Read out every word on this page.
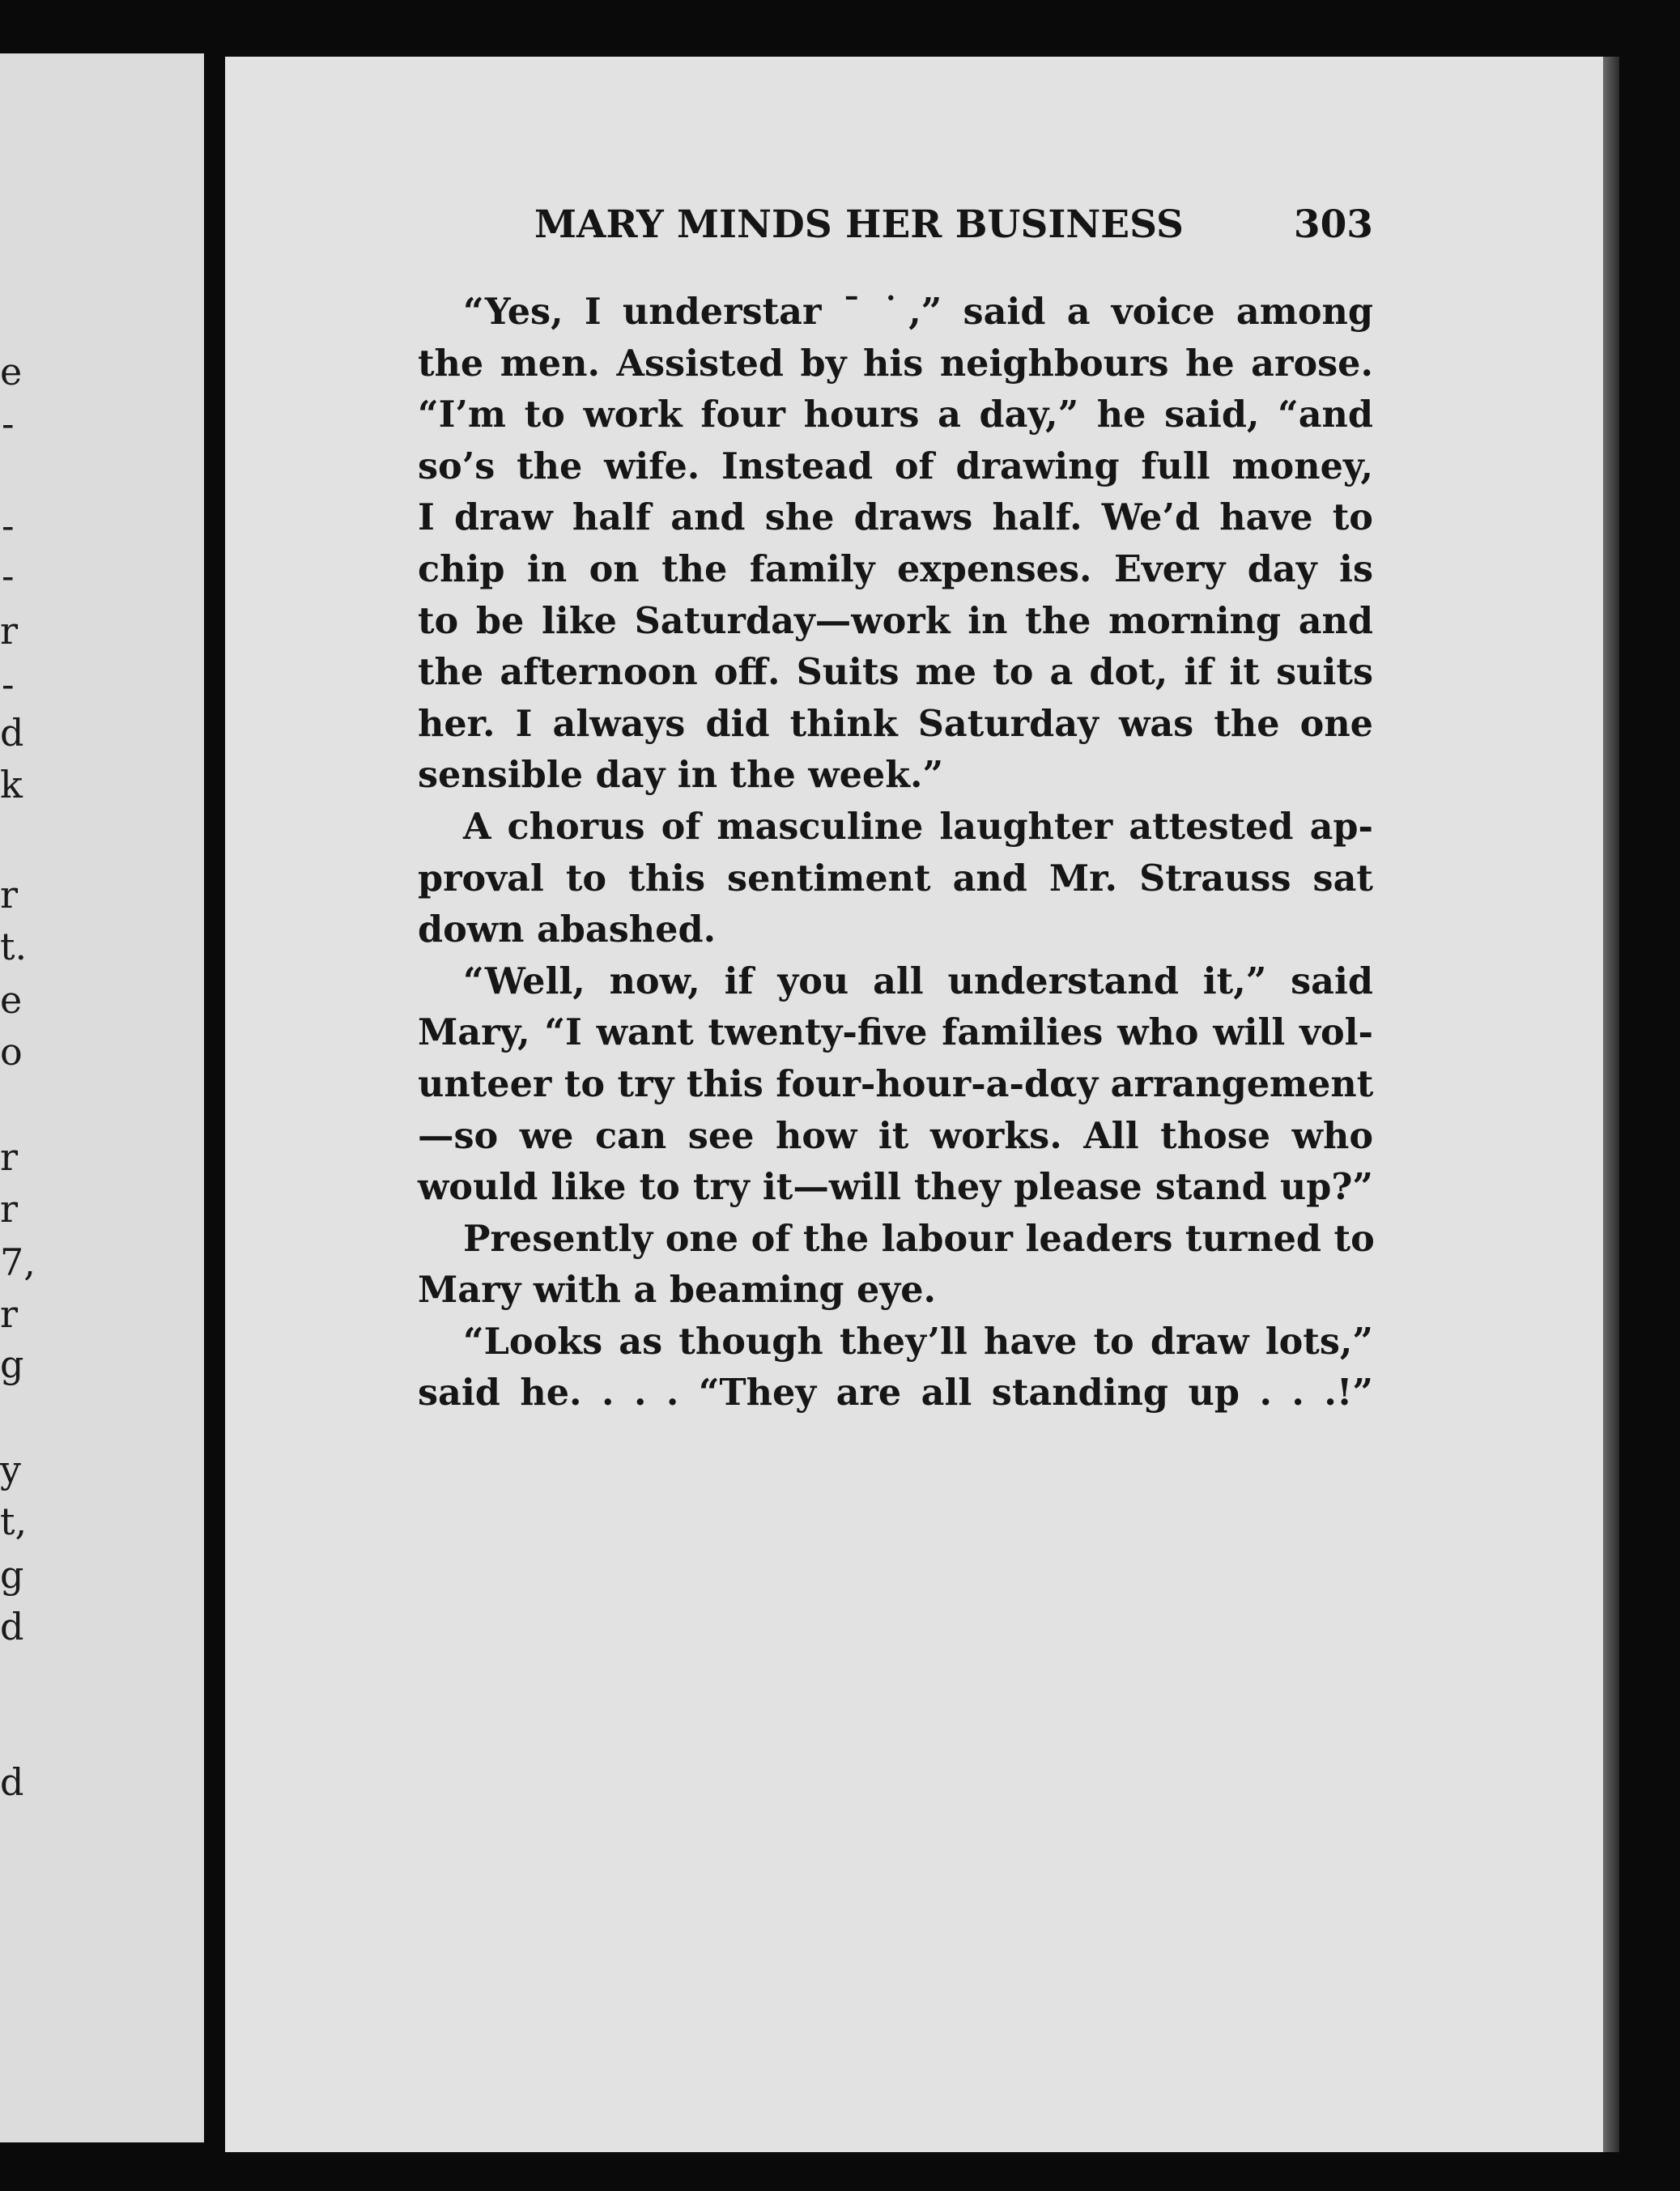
e
-
-
-
r
-
d
k
r
t.
e
o
r
r
7,
r
g
y
t,
g
d
d
MARY MINDS HER BUSINESS	303
“Yes, I understar ˉ ˙,” said a voice among
the men. Assisted by his neighbours he arose.
“I’m to work four hours a day,” he said, “and
so’s the wife. Instead of drawing full money,
I draw half and she draws half. We’d have to
chip in on the family expenses. Every day is
to be like Saturday—work in the morning and
the afternoon off. Suits me to a dot, if it suits
her. I always did think Saturday was the one
sensible day in the week.”
A chorus of masculine laughter attested ap-
proval to this sentiment and Mr. Strauss sat
down abashed.
“Well, now, if you all understand it,” said
Mary, “I want twenty-five families who will vol-
unteer to try this four-hour-a-dαy arrangement
—so we can see how it works. All those who
would like to try it—will they please stand up?”
Presently one of the labour leaders turned to
Mary with a beaming eye.
“Looks as though they’ll have to draw lots,”
said he. . . . “They are all standing up . . .!”
